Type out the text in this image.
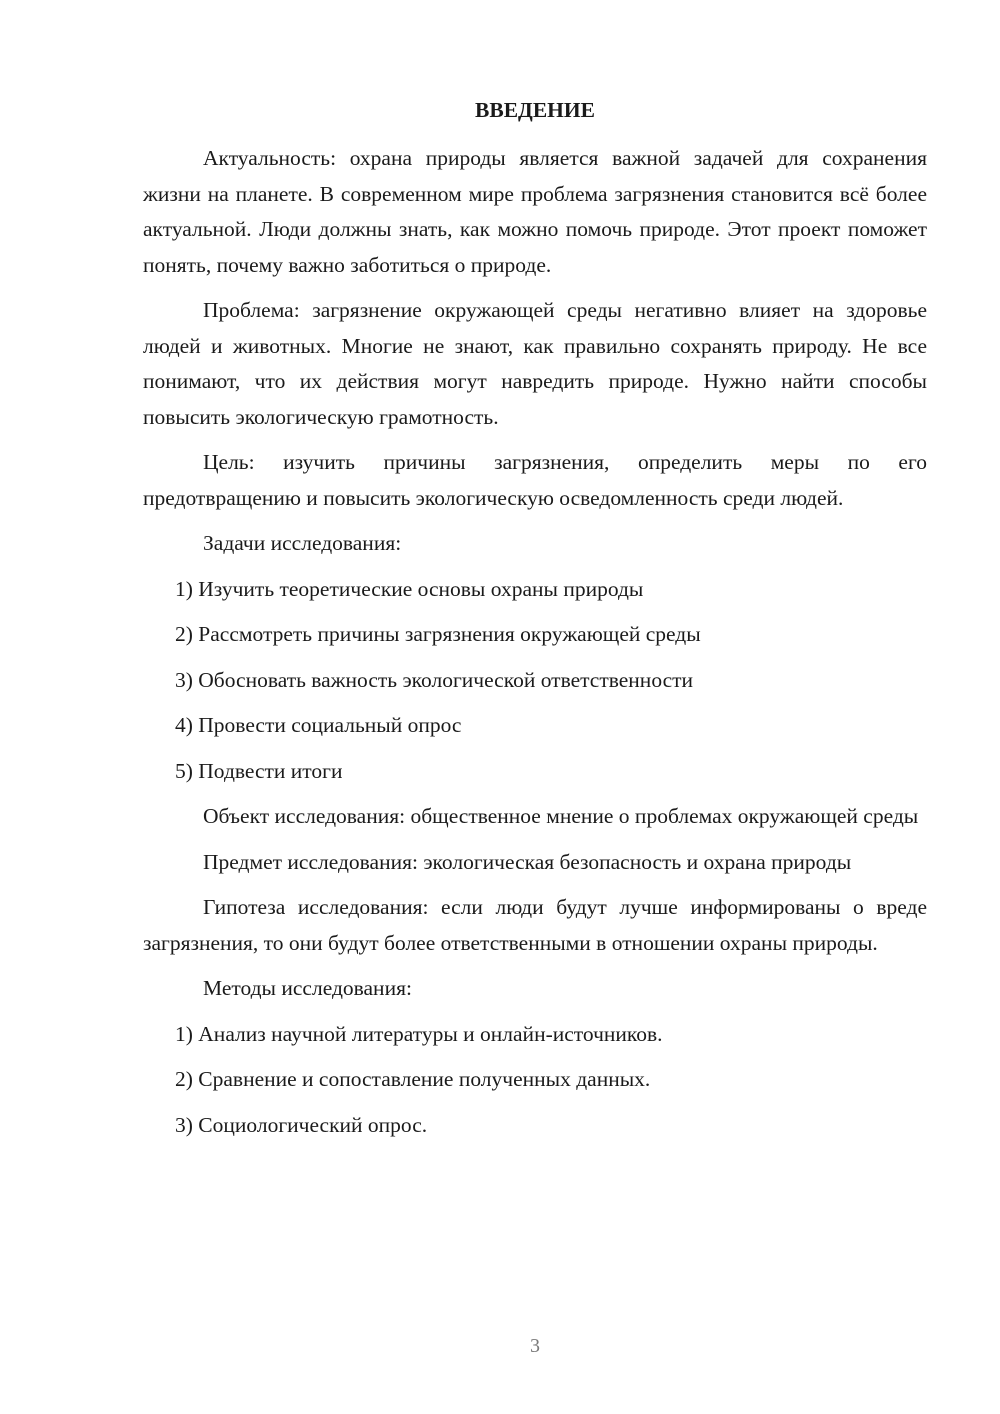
ВВЕДЕНИЕ

Актуальность: охрана природы является важной задачей для сохранения жизни на планете. В современном мире проблема загрязнения становится всё более актуальной. Люди должны знать, как можно помочь природе. Этот проект поможет понять, почему важно заботиться о природе.

Проблема: загрязнение окружающей среды негативно влияет на здоровье людей и животных. Многие не знают, как правильно сохранять природу. Не все понимают, что их действия могут навредить природе. Нужно найти способы повысить экологическую грамотность.

Цель: изучить причины загрязнения, определить меры по его предотвращению и повысить экологическую осведомленность среди людей.

Задачи исследования:
1) Изучить теоретические основы охраны природы
2) Рассмотреть причины загрязнения окружающей среды
3) Обосновать важность экологической ответственности
4) Провести социальный опрос
5) Подвести итоги

Объект исследования: общественное мнение о проблемах окружающей среды

Предмет исследования: экологическая безопасность и охрана природы

Гипотеза исследования: если люди будут лучше информированы о вреде загрязнения, то они будут более ответственными в отношении охраны природы.

Методы исследования:
1) Анализ научной литературы и онлайн-источников.
2) Сравнение и сопоставление полученных данных.
3) Социологический опрос.
3
